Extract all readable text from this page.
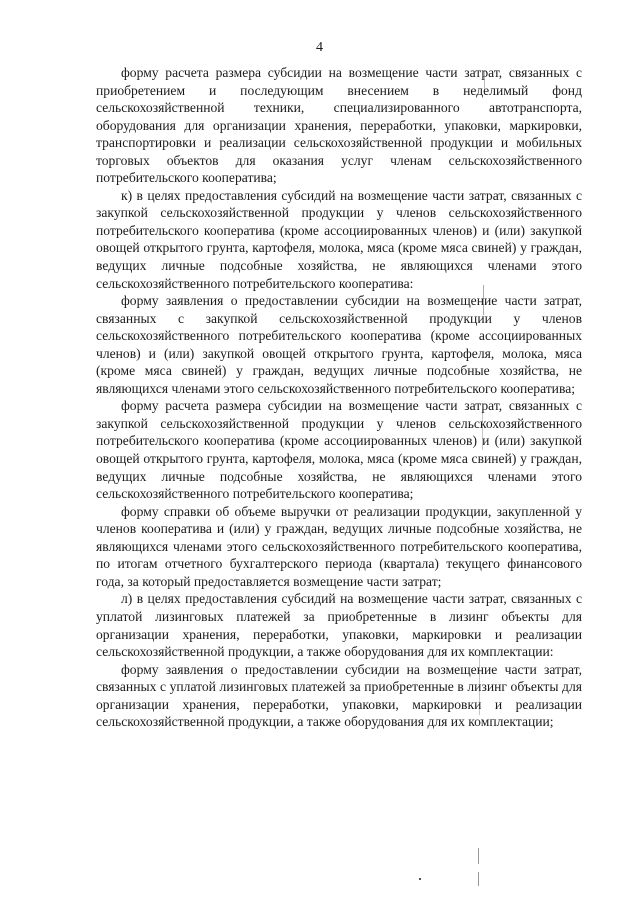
4

форму расчета размера субсидии на возмещение части затрат, связанных с приобретением и последующим внесением в неделимый фонд сельскохозяйственной техники, специализированного автотранспорта, оборудования для организации хранения, переработки, упаковки, маркировки, транспортировки и реализации сельскохозяйственной продукции и мобильных торговых объектов для оказания услуг членам сельскохозяйственного потребительского кооператива;

к) в целях предоставления субсидий на возмещение части затрат, связанных с закупкой сельскохозяйственной продукции у членов сельскохозяйственного потребительского кооператива (кроме ассоциированных членов) и (или) закупкой овощей открытого грунта, картофеля, молока, мяса (кроме мяса свиней) у граждан, ведущих личные подсобные хозяйства, не являющихся членами этого сельскохозяйственного потребительского кооператива:

форму заявления о предоставлении субсидии на возмещение части затрат, связанных с закупкой сельскохозяйственной продукции у членов сельскохозяйственного потребительского кооператива (кроме ассоциированных членов) и (или) закупкой овощей открытого грунта, картофеля, молока, мяса (кроме мяса свиней) у граждан, ведущих личные подсобные хозяйства, не являющихся членами этого сельскохозяйственного потребительского кооператива;

форму расчета размера субсидии на возмещение части затрат, связанных с закупкой сельскохозяйственной продукции у членов сельскохозяйственного потребительского кооператива (кроме ассоциированных членов) и (или) закупкой овощей открытого грунта, картофеля, молока, мяса (кроме мяса свиней) у граждан, ведущих личные подсобные хозяйства, не являющихся членами этого сельскохозяйственного потребительского кооператива;

форму справки об объеме выручки от реализации продукции, закупленной у членов кооператива и (или) у граждан, ведущих личные подсобные хозяйства, не являющихся членами этого сельскохозяйственного потребительского кооператива, по итогам отчетного бухгалтерского периода (квартала) текущего финансового года, за который предоставляется возмещение части затрат;

л) в целях предоставления субсидий на возмещение части затрат, связанных с уплатой лизинговых платежей за приобретенные в лизинг объекты для организации хранения, переработки, упаковки, маркировки и реализации сельскохозяйственной продукции, а также оборудования для их комплектации:

форму заявления о предоставлении субсидии на возмещение части затрат, связанных с уплатой лизинговых платежей за приобретенные в лизинг объекты для организации хранения, переработки, упаковки, маркировки и реализации сельскохозяйственной продукции, а также оборудования для их комплектации;
